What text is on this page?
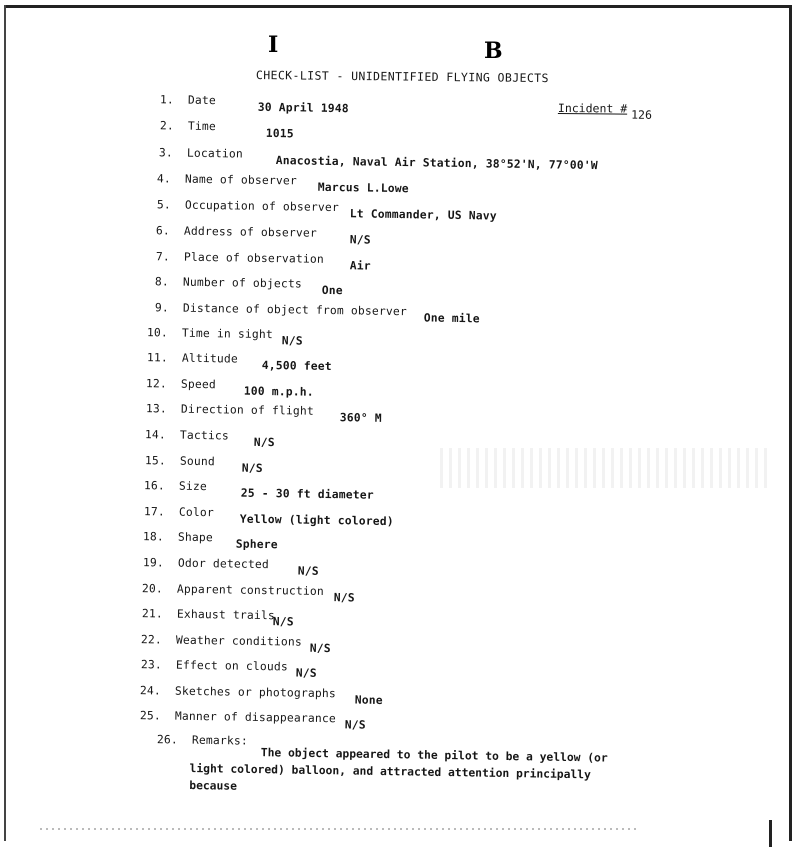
I	B
CHECK-LIST - UNIDENTIFIED FLYING OBJECTS
Incident # 126
1. Date
30 April 1948
2. Time
1015
3. Location
Anacostia, Naval Air Station, 38°52'N, 77°00'W
4. Name of observer
Marcus L.Lowe
5. Occupation of observer
Lt Commander, US Navy
6. Address of observer
N/S
7. Place of observation
Air
8. Number of objects One
9. Distance of object from observer
One mile
10. Time in sight N/S
11. Altitude
4,500 feet
12. Speed
100 m.p.h.
13. Direction of flight
360° M
14. Tactics
N/S
15. Sound
N/S
16. Size
25 - 30 ft diameter
17. Color
Yellow (light colored)
18. Shape
Sphere
19. Odor detected
N/S
20. Apparent construction N/S
21. Exhaust trails
N/S
22. Weather conditions N/S
23. Effect on clouds N/S
24. Sketches or photographs
None
25. Manner of disappearance N/S
26. Remarks:
The object appeared to the pilot to be a yellow (or
light colored) balloon, and attracted attention principally because
